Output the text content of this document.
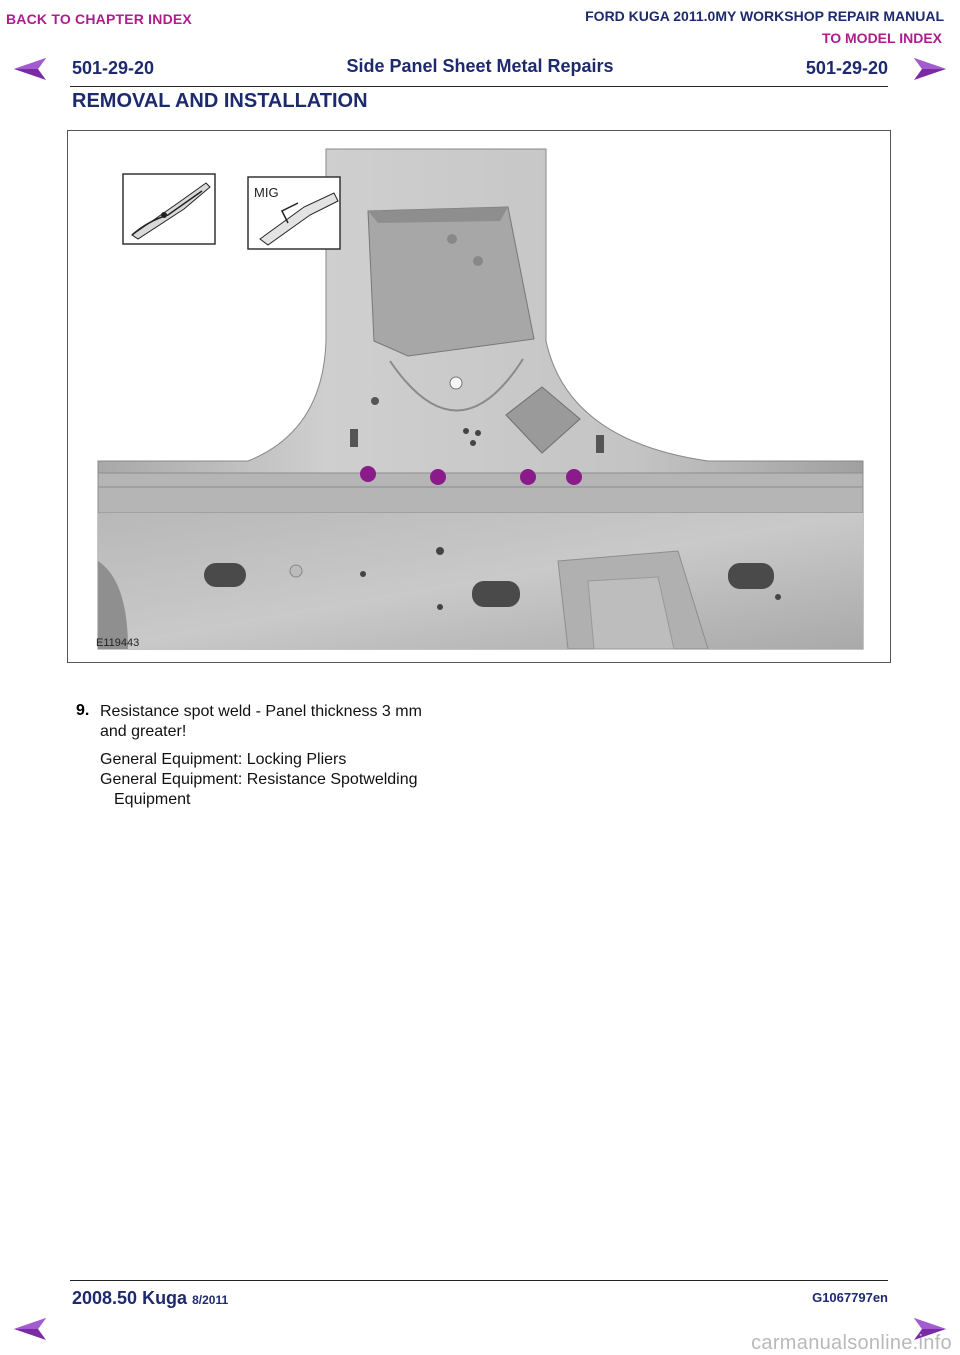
BACK TO CHAPTER INDEX	FORD KUGA 2011.0MY WORKSHOP REPAIR MANUAL
TO MODEL INDEX
501-29-20	Side Panel Sheet Metal Repairs	501-29-20
REMOVAL AND INSTALLATION
MIG
E119443
9. Resistance spot weld - Panel thickness 3 mm
and greater!
General Equipment: Locking Pliers
General Equipment: Resistance Spotwelding
Equipment
2008.50 Kuga 8/2011	G1067797en
carmanualsonline.info
